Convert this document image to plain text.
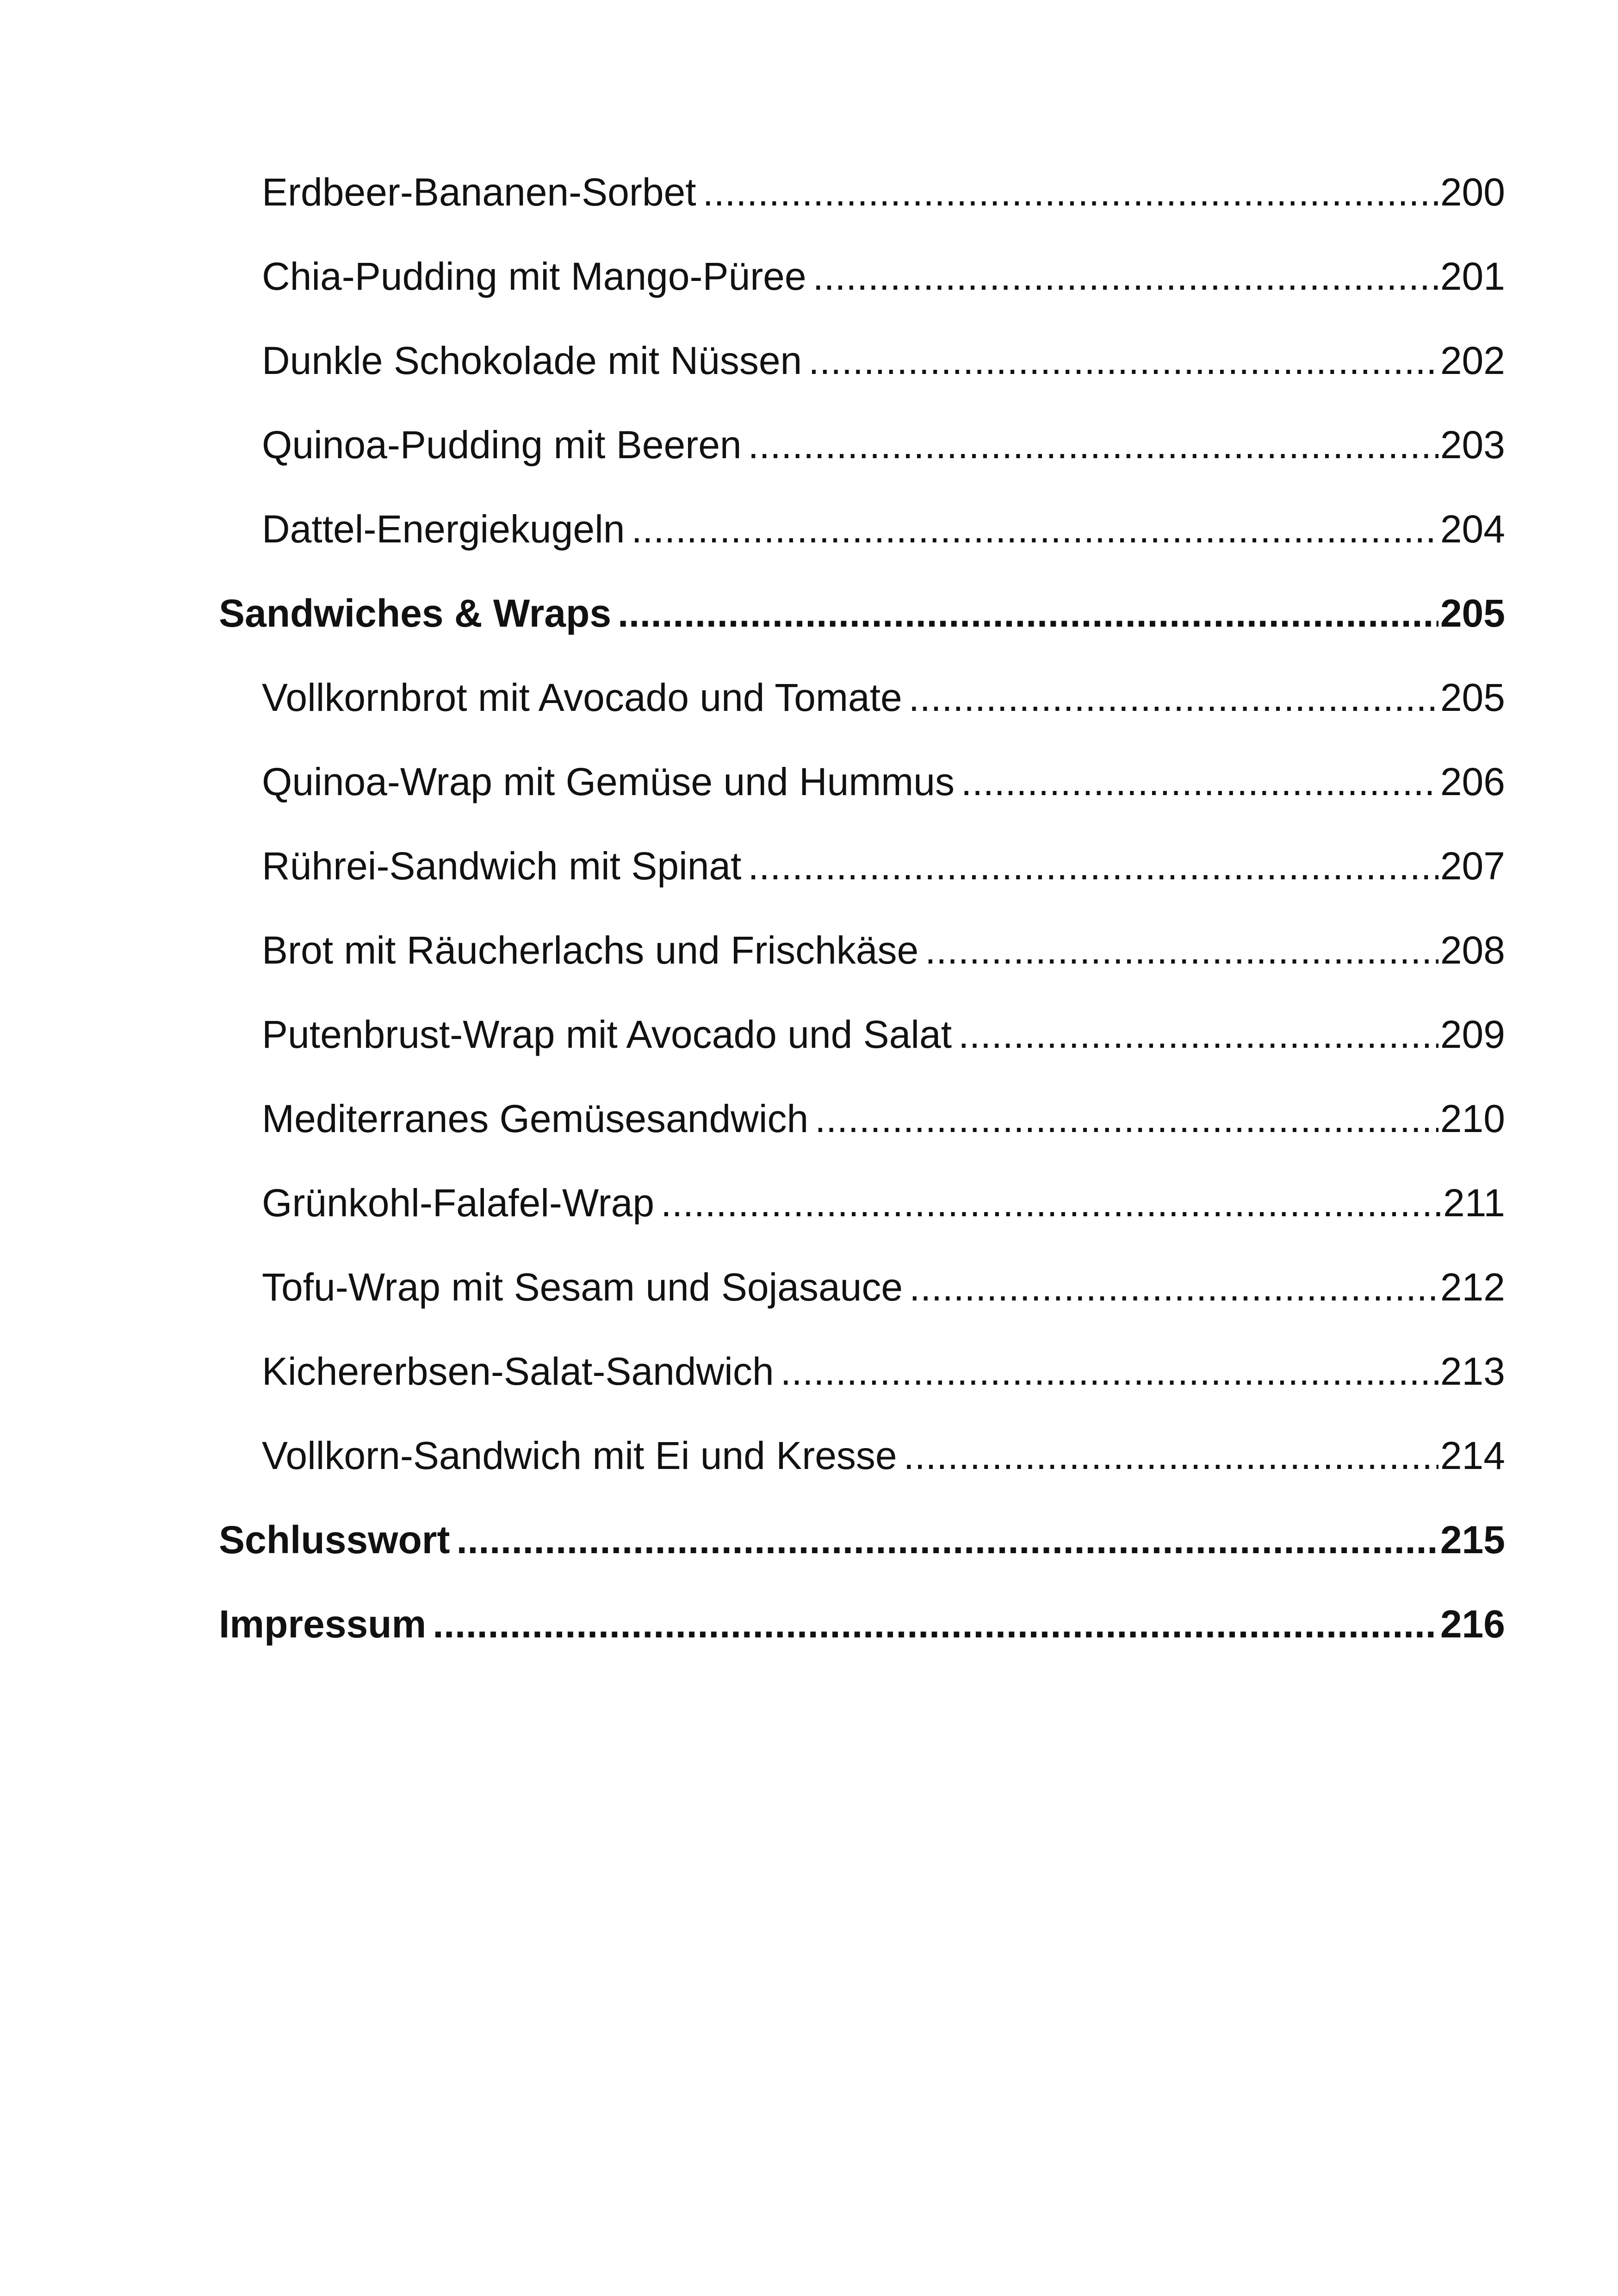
Erdbeer-Bananen-Sorbet .....	200
Chia-Pudding mit Mango-Püree .....	201
Dunkle Schokolade mit Nüssen .....	202
Quinoa-Pudding mit Beeren .....	203
Dattel-Energiekugeln .....	204
Sandwiches & Wraps .....	205
Vollkornbrot mit Avocado und Tomate .....	205
Quinoa-Wrap mit Gemüse und Hummus .....	206
Rührei-Sandwich mit Spinat .....	207
Brot mit Räucherlachs und Frischkäse .....	208
Putenbrust-Wrap mit Avocado und Salat .....	209
Mediterranes Gemüsesandwich .....	210
Grünkohl-Falafel-Wrap .....	211
Tofu-Wrap mit Sesam und Sojasauce .....	212
Kichererbsen-Salat-Sandwich .....	213
Vollkorn-Sandwich mit Ei und Kresse .....	214
Schlusswort .....	215
Impressum .....	216
